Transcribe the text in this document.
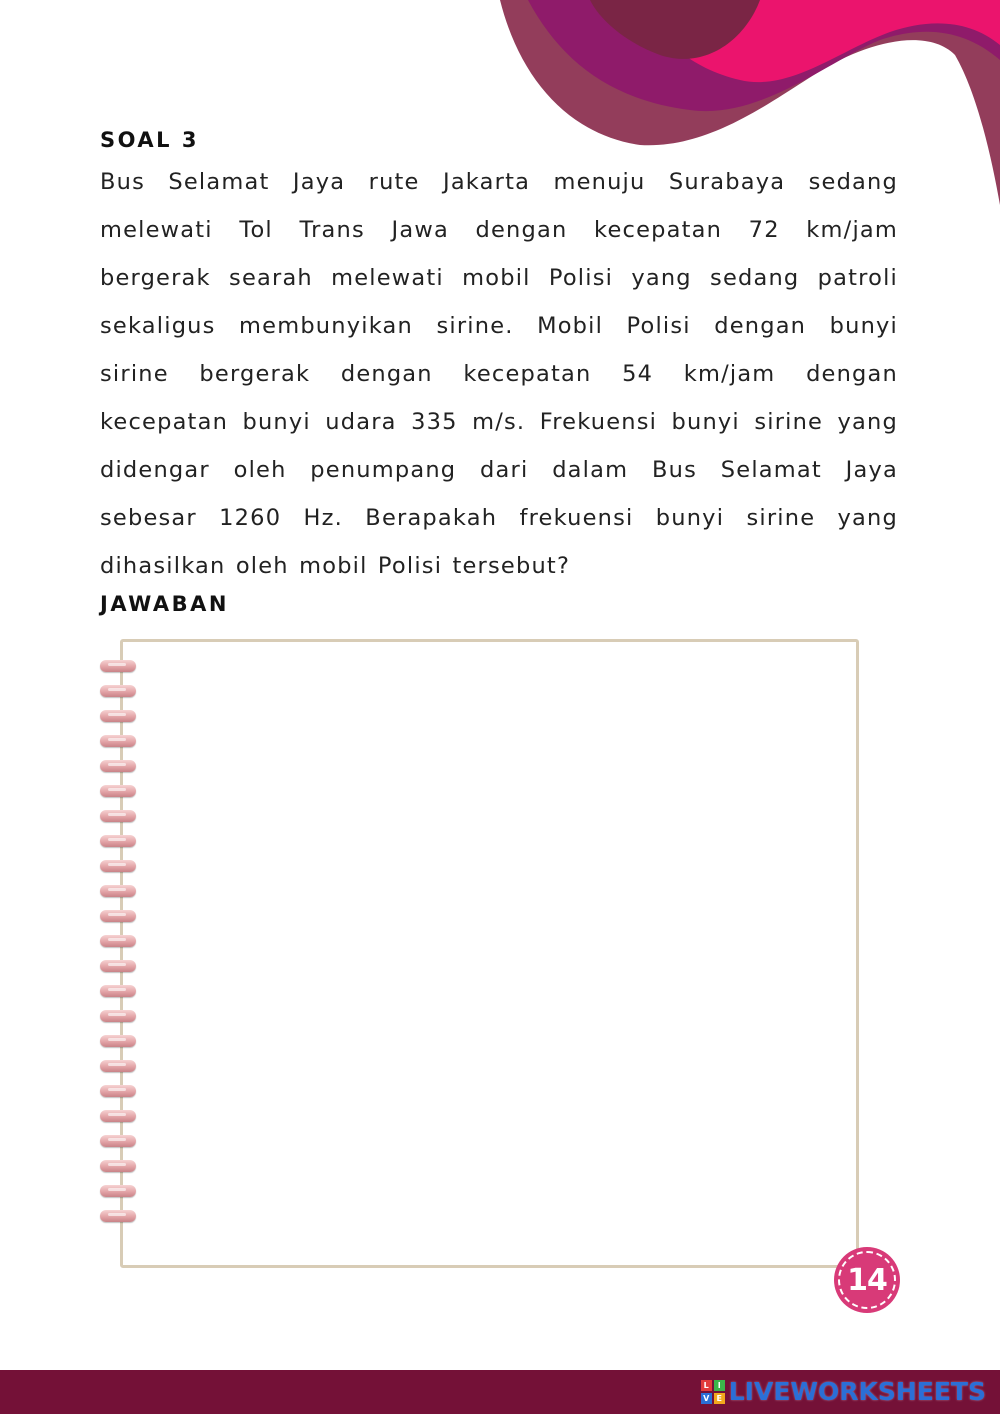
SOAL 3

Bus Selamat Jaya rute Jakarta menuju Surabaya sedang melewati Tol Trans Jawa dengan kecepatan 72 km/jam bergerak searah melewati mobil Polisi yang sedang patroli sekaligus membunyikan sirine. Mobil Polisi dengan bunyi sirine bergerak dengan kecepatan 54 km/jam dengan kecepatan bunyi udara 335 m/s. Frekuensi bunyi sirine yang didengar oleh penumpang dari dalam Bus Selamat Jaya sebesar 1260 Hz. Berapakah frekuensi bunyi sirine yang dihasilkan oleh mobil Polisi tersebut?

JAWABAN
14
L	I
V E LIVEWORKSHEETS
